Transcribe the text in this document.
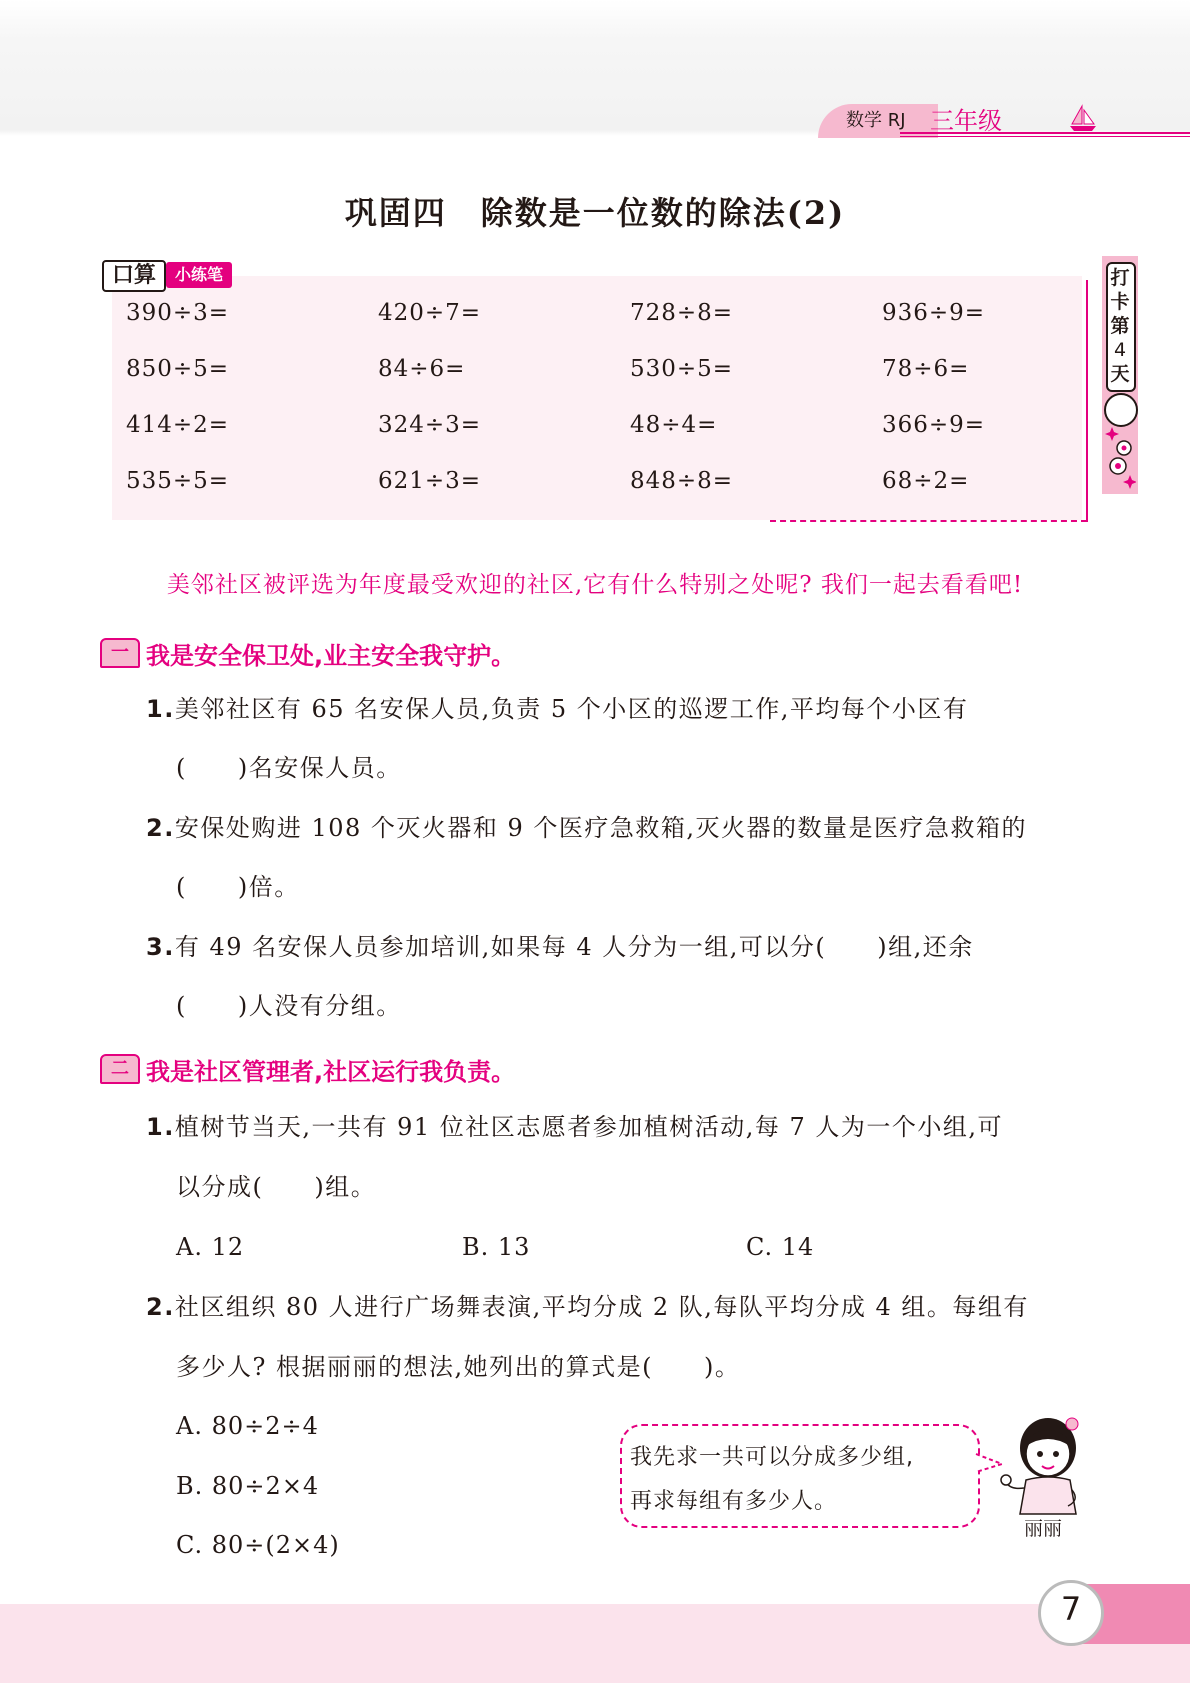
数学 RJ 三年级
巩固四　除数是一位数的除法(2)
口算	小练笔
390÷3=	420÷7=	728÷8=	936÷9=
850÷5=	84÷6=	530÷5=	78÷6=
414÷2=	324÷3=	48÷4=	366÷9=
535÷5=	621÷3=	848÷8=	68÷2=
打
卡
第
4
天
美邻社区被评选为年度最受欢迎的社区,它有什么特别之处呢? 我们一起去看看吧!
一 我是安全保卫处,业主安全我守护。
1.美邻社区有 65 名安保人员,负责 5 个小区的巡逻工作,平均每个小区有
(　　)名安保人员。
2.安保处购进 108 个灭火器和 9 个医疗急救箱,灭火器的数量是医疗急救箱的
(　　)倍。
3.有 49 名安保人员参加培训,如果每 4 人分为一组,可以分(　　)组,还余
(　　)人没有分组。
二 我是社区管理者,社区运行我负责。
1.植树节当天,一共有 91 位社区志愿者参加植树活动,每 7 人为一个小组,可
以分成(　　)组。
A. 12	B. 13	C. 14
2.社区组织 80 人进行广场舞表演,平均分成 2 队,每队平均分成 4 组。每组有
多少人? 根据丽丽的想法,她列出的算式是(　　)。
A. 80÷2÷4
B. 80÷2×4
C. 80÷(2×4)
我先求一共可以分成多少组,
再求每组有多少人。
丽丽
7
